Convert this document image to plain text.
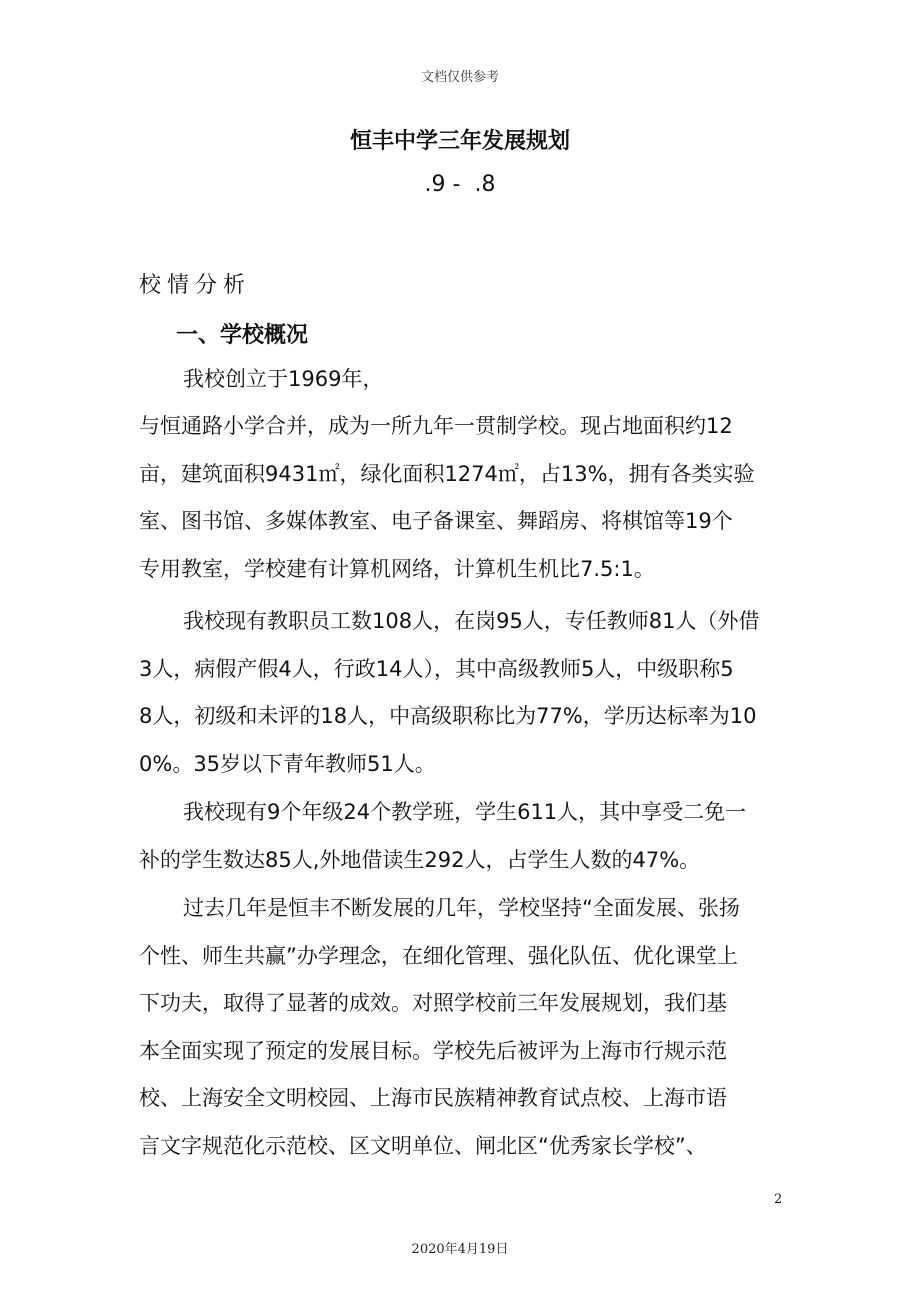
文档仅供参考
恒丰中学三年发展规划
.9 -  .8
校情分析
一、学校概况
我校创立于1969年，
与恒通路小学合并，成为一所九年一贯制学校。现占地面积约12
亩，建筑面积9431㎡，绿化面积1274㎡，占13%，拥有各类实验
室、图书馆、多媒体教室、电子备课室、舞蹈房、将棋馆等19个
专用教室，学校建有计算机网络，计算机生机比7.5:1。
我校现有教职员工数108人，在岗95人，专任教师81人（外借
3人，病假产假4人，行政14人），其中高级教师5人，中级职称5
8人，初级和未评的18人，中高级职称比为77%，学历达标率为10
0%。35岁以下青年教师51人。
我校现有9个年级24个教学班，学生611人，其中享受二免一
补的学生数达85人,外地借读生292人，占学生人数的47%。
过去几年是恒丰不断发展的几年，学校坚持“全面发展、张扬
个性、师生共赢”办学理念，在细化管理、强化队伍、优化课堂上
下功夫，取得了显著的成效。对照学校前三年发展规划，我们基
本全面实现了预定的发展目标。学校先后被评为上海市行规示范
校、上海安全文明校园、上海市民族精神教育试点校、上海市语
言文字规范化示范校、区文明单位、闸北区“优秀家长学校”、
2
2020年4月19日
